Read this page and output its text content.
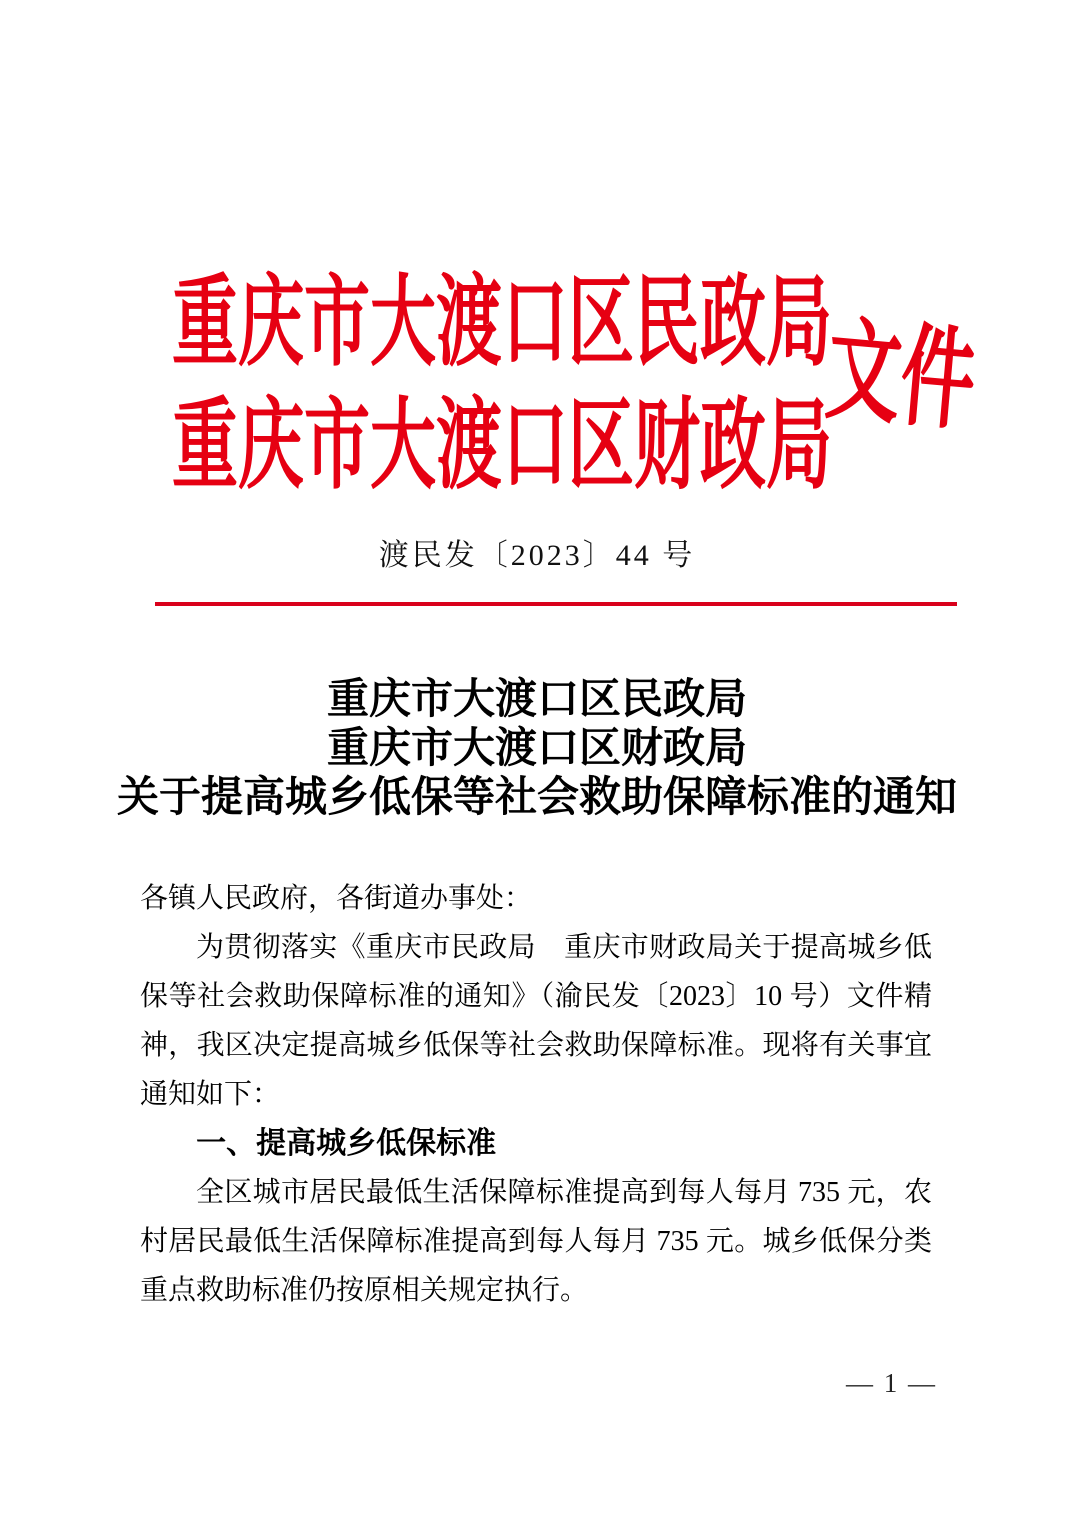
重庆市大渡口区民政局
重庆市大渡口区财政局
文件
渡民发〔2023〕44 号
重庆市大渡口区民政局
重庆市大渡口区财政局
关于提高城乡低保等社会救助保障标准的通知

各镇人民政府，各街道办事处：

为贯彻落实《重庆市民政局　重庆市财政局关于提高城乡低保等社会救助保障标准的通知》（渝民发〔2023〕10 号）文件精神，我区决定提高城乡低保等社会救助保障标准。现将有关事宜通知如下：

一、提高城乡低保标准

全区城市居民最低生活保障标准提高到每人每月 735 元，农村居民最低生活保障标准提高到每人每月 735 元。城乡低保分类重点救助标准仍按原相关规定执行。

— 1 —
